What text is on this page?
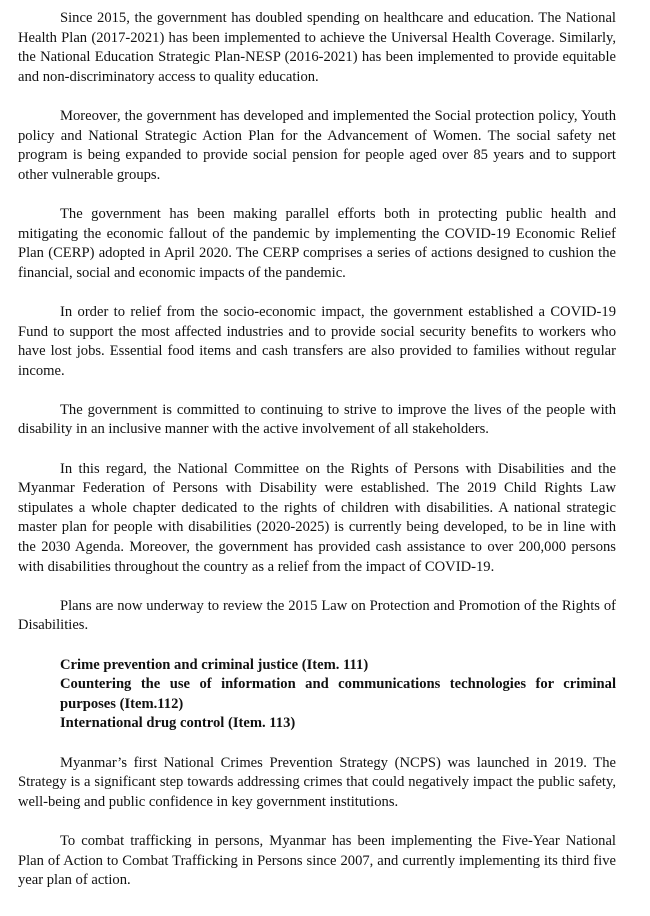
Since 2015, the government has doubled spending on healthcare and education. The National Health Plan (2017-2021) has been implemented to achieve the Universal Health Coverage. Similarly, the National Education Strategic Plan-NESP (2016-2021) has been implemented to provide equitable and non-discriminatory access to quality education.

Moreover, the government has developed and implemented the Social protection policy, Youth policy and National Strategic Action Plan for the Advancement of Women. The social safety net program is being expanded to provide social pension for people aged over 85 years and to support other vulnerable groups.

The government has been making parallel efforts both in protecting public health and mitigating the economic fallout of the pandemic by implementing the COVID-19 Economic Relief Plan (CERP) adopted in April 2020. The CERP comprises a series of actions designed to cushion the financial, social and economic impacts of the pandemic.

In order to relief from the socio-economic impact, the government established a COVID-19 Fund to support the most affected industries and to provide social security benefits to workers who have lost jobs. Essential food items and cash transfers are also provided to families without regular income.

The government is committed to continuing to strive to improve the lives of the people with disability in an inclusive manner with the active involvement of all stakeholders.

In this regard, the National Committee on the Rights of Persons with Disabilities and the Myanmar Federation of Persons with Disability were established. The 2019 Child Rights Law stipulates a whole chapter dedicated to the rights of children with disabilities. A national strategic master plan for people with disabilities (2020-2025) is currently being developed, to be in line with the 2030 Agenda. Moreover, the government has provided cash assistance to over 200,000 persons with disabilities throughout the country as a relief from the impact of COVID-19.

Plans are now underway to review the 2015 Law on Protection and Promotion of the Rights of Disabilities.

Crime prevention and criminal justice (Item. 111)
Countering the use of information and communications technologies for criminal purposes (Item.112)
International drug control (Item. 113)

Myanmar’s first National Crimes Prevention Strategy (NCPS) was launched in 2019. The Strategy is a significant step towards addressing crimes that could negatively impact the public safety, well-being and public confidence in key government institutions.

To combat trafficking in persons, Myanmar has been implementing the Five-Year National Plan of Action to Combat Trafficking in Persons since 2007, and currently implementing its third five year plan of action.
